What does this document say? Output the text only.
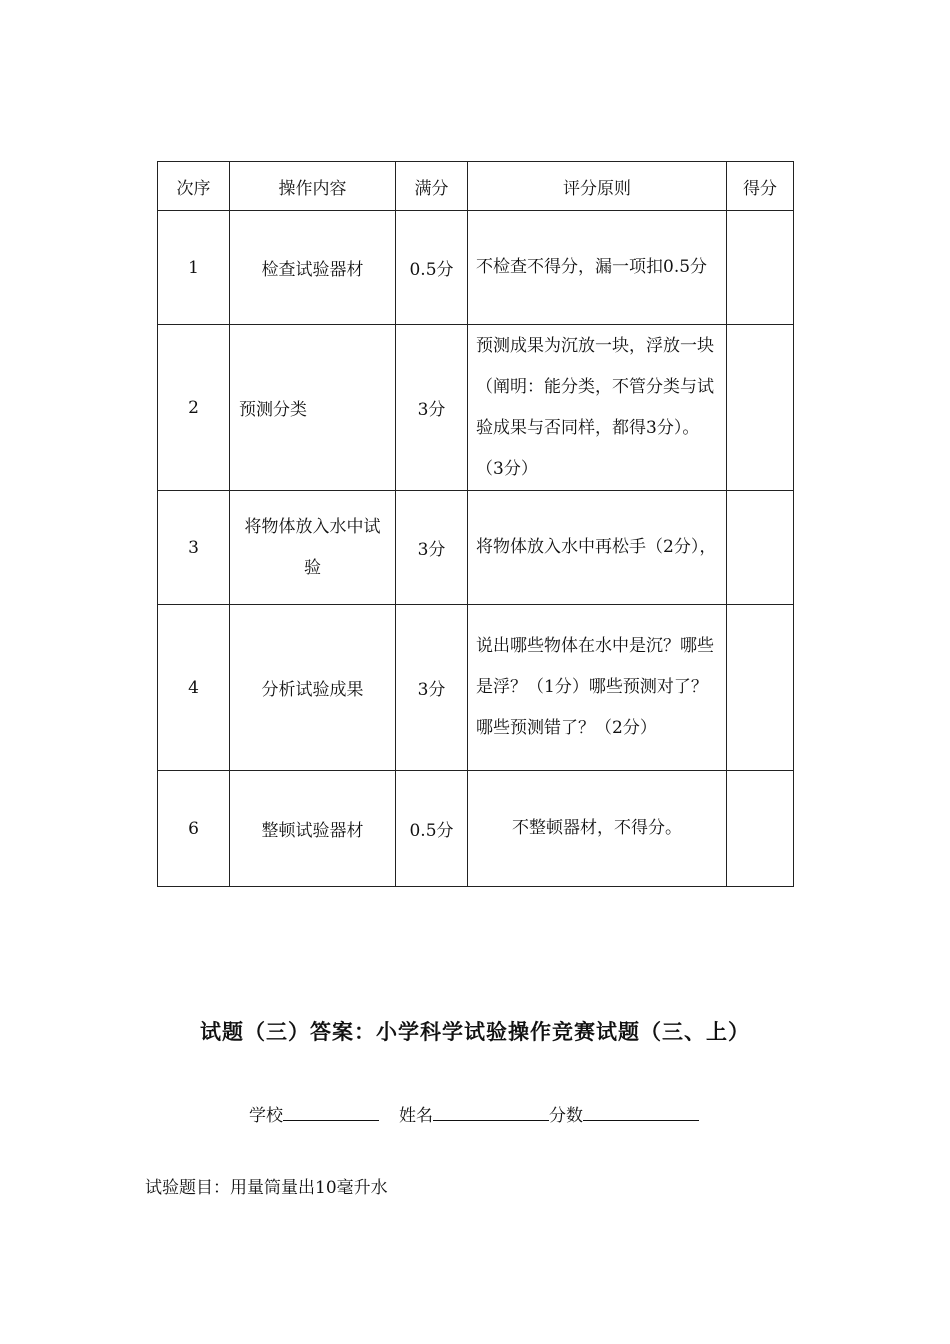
次序	操作内容	满分	评分原则	得分
1	检查试验器材	0.5分	不检查不得分，漏一项扣0.5分	
2	预测分类	3分	预测成果为沉放一块，浮放一块（阐明：能分类，不管分类与试验成果与否同样，都得3分）。（3分）	
3	将物体放入水中试验	3分	将物体放入水中再松手（2分），	
4	分析试验成果	3分	说出哪些物体在水中是沉？哪些是浮？（1分）哪些预测对了？哪些预测错了？（2分）	
6	整顿试验器材	0.5分	不整顿器材，不得分。	
试题（三）答案：小学科学试验操作竞赛试题（三、上）
学校	姓名	分数
试验题目：用量筒量出10毫升水
